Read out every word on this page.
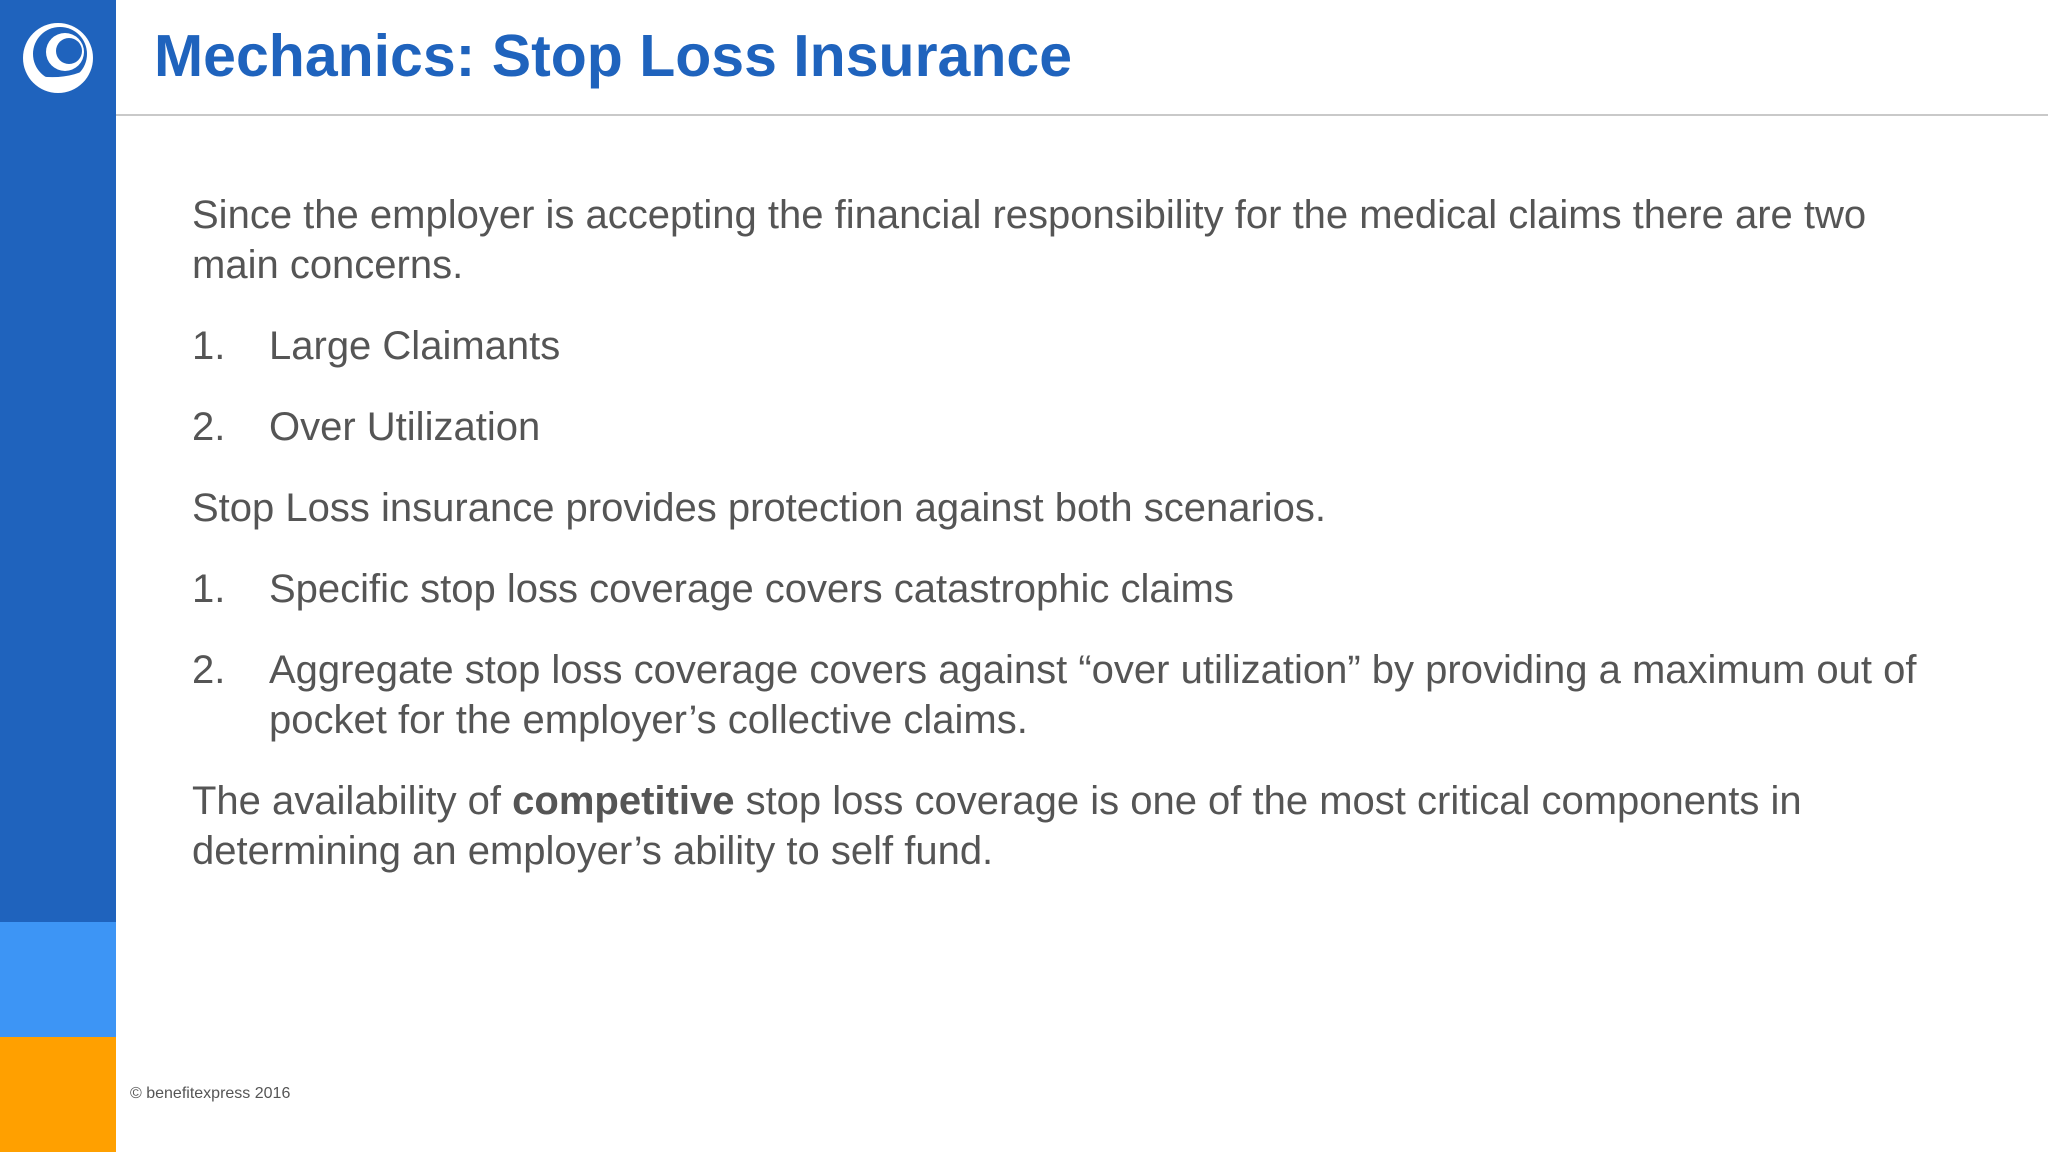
Mechanics: Stop Loss Insurance

Since the employer is accepting the financial responsibility for the medical claims there are two main concerns.

1. Large Claimants
2. Over Utilization

Stop Loss insurance provides protection against both scenarios.

1. Specific stop loss coverage covers catastrophic claims
2. Aggregate stop loss coverage covers against “over utilization” by providing a maximum out of pocket for the employer’s collective claims.

The availability of competitive stop loss coverage is one of the most critical components in determining an employer’s ability to self fund.

© benefitexpress 2016
